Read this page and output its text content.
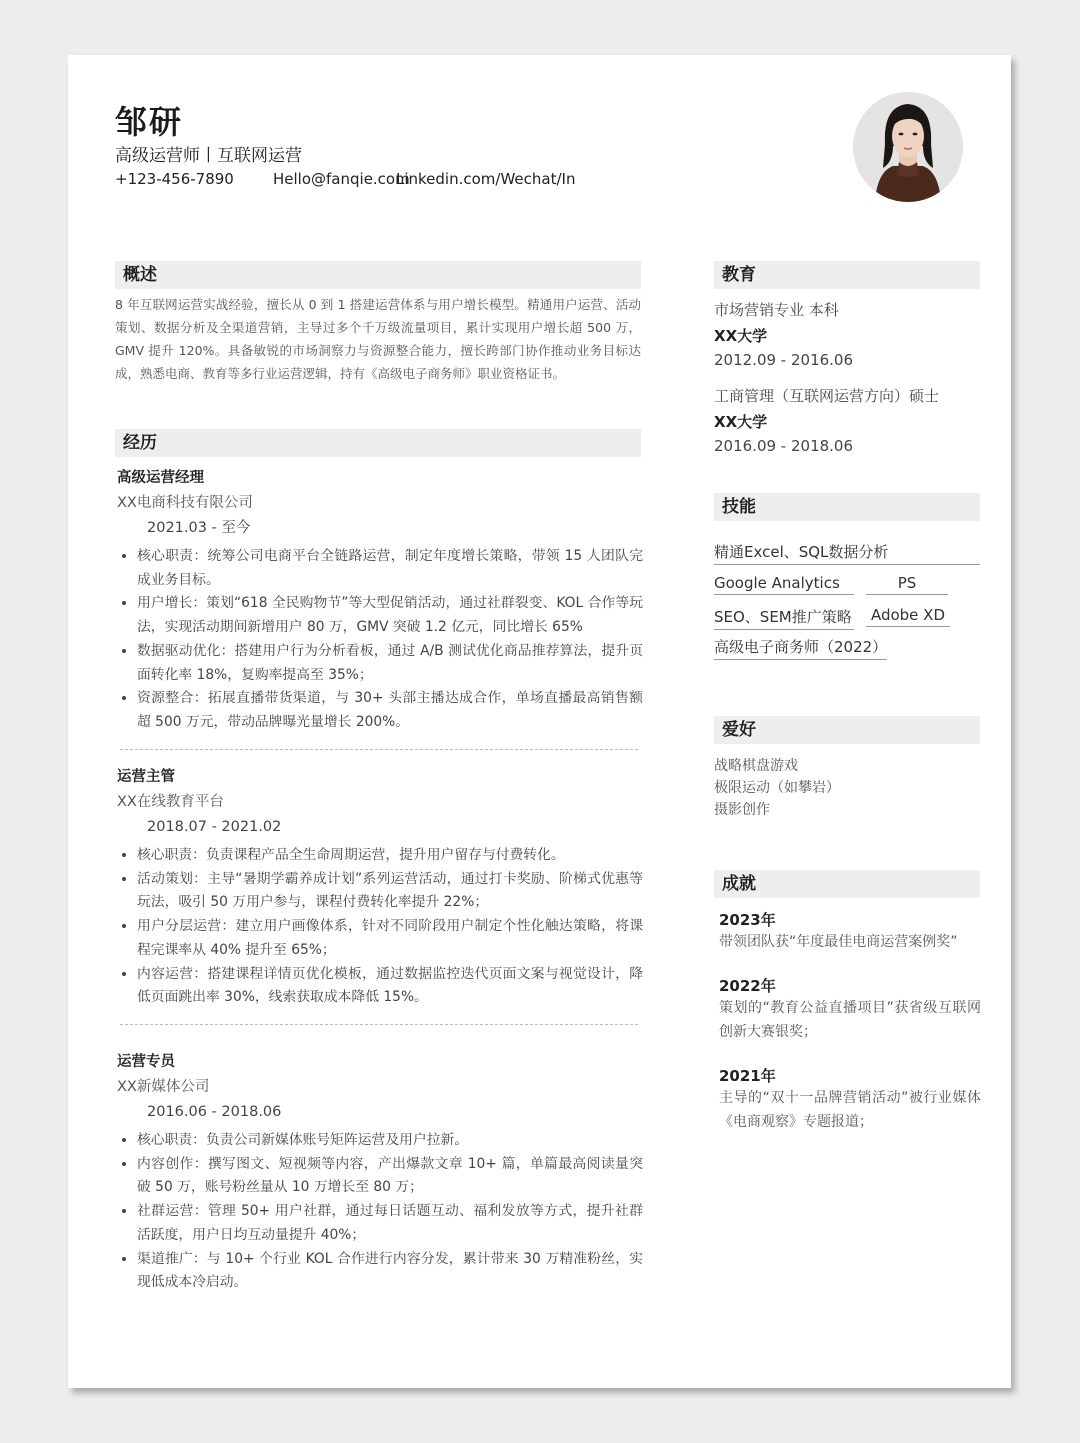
邹研
高级运营师丨互联网运营
+123-456-7890	Hello@fanqie.com
Linkedin.com/Wechat/In
概述
8 年互联网运营实战经验，擅长从 0 到 1 搭建运营体系与用户增长模型。精通用户运营、活动策划、数据分析及全渠道营销，主导过多个千万级流量项目，累计实现用户增长超 500 万，GMV 提升 120%。具备敏锐的市场洞察力与资源整合能力，擅长跨部门协作推动业务目标达成，熟悉电商、教育等多行业运营逻辑，持有《高级电子商务师》职业资格证书。
经历
高级运营经理
XX电商科技有限公司
2021.03 - 至今
• 核心职责：统筹公司电商平台全链路运营，制定年度增长策略，带领 15 人团队完成业务目标。
• 用户增长：策划“618 全民购物节”等大型促销活动，通过社群裂变、KOL 合作等玩法，实现活动期间新增用户 80 万，GMV 突破 1.2 亿元，同比增长 65%
• 数据驱动优化：搭建用户行为分析看板，通过 A/B 测试优化商品推荐算法，提升页面转化率 18%，复购率提高至 35%；
• 资源整合：拓展直播带货渠道，与 30+ 头部主播达成合作，单场直播最高销售额超 500 万元，带动品牌曝光量增长 200%。
运营主管
XX在线教育平台
2018.07 - 2021.02
• 核心职责：负责课程产品全生命周期运营，提升用户留存与付费转化。
• 活动策划：主导“暑期学霸养成计划”系列运营活动，通过打卡奖励、阶梯式优惠等玩法，吸引 50 万用户参与，课程付费转化率提升 22%；
• 用户分层运营：建立用户画像体系，针对不同阶段用户制定个性化触达策略，将课程完课率从 40% 提升至 65%；
• 内容运营：搭建课程详情页优化模板，通过数据监控迭代页面文案与视觉设计，降低页面跳出率 30%，线索获取成本降低 15%。
运营专员
XX新媒体公司
2016.06 - 2018.06
• 核心职责：负责公司新媒体账号矩阵运营及用户拉新。
• 内容创作：撰写图文、短视频等内容，产出爆款文章 10+ 篇，单篇最高阅读量突破 50 万，账号粉丝量从 10 万增长至 80 万；
• 社群运营：管理 50+ 用户社群，通过每日话题互动、福利发放等方式，提升社群活跃度，用户日均互动量提升 40%；
• 渠道推广：与 10+ 个行业 KOL 合作进行内容分发，累计带来 30 万精准粉丝，实现低成本冷启动。
教育
市场营销专业 本科
XX大学
2012.09 - 2016.06
工商管理（互联网运营方向）硕士
XX大学
2016.09 - 2018.06
技能
精通Excel、SQL数据分析
Google Analytics	PS
SEO、SEM推广策略	Adobe XD
高级电子商务师（2022）
爱好
战略棋盘游戏
极限运动（如攀岩）
摄影创作
成就
2023年
带领团队获“年度最佳电商运营案例奖”
2022年
策划的“教育公益直播项目”获省级互联网创新大赛银奖；
2021年
主导的“双十一品牌营销活动”被行业媒体《电商观察》专题报道；
